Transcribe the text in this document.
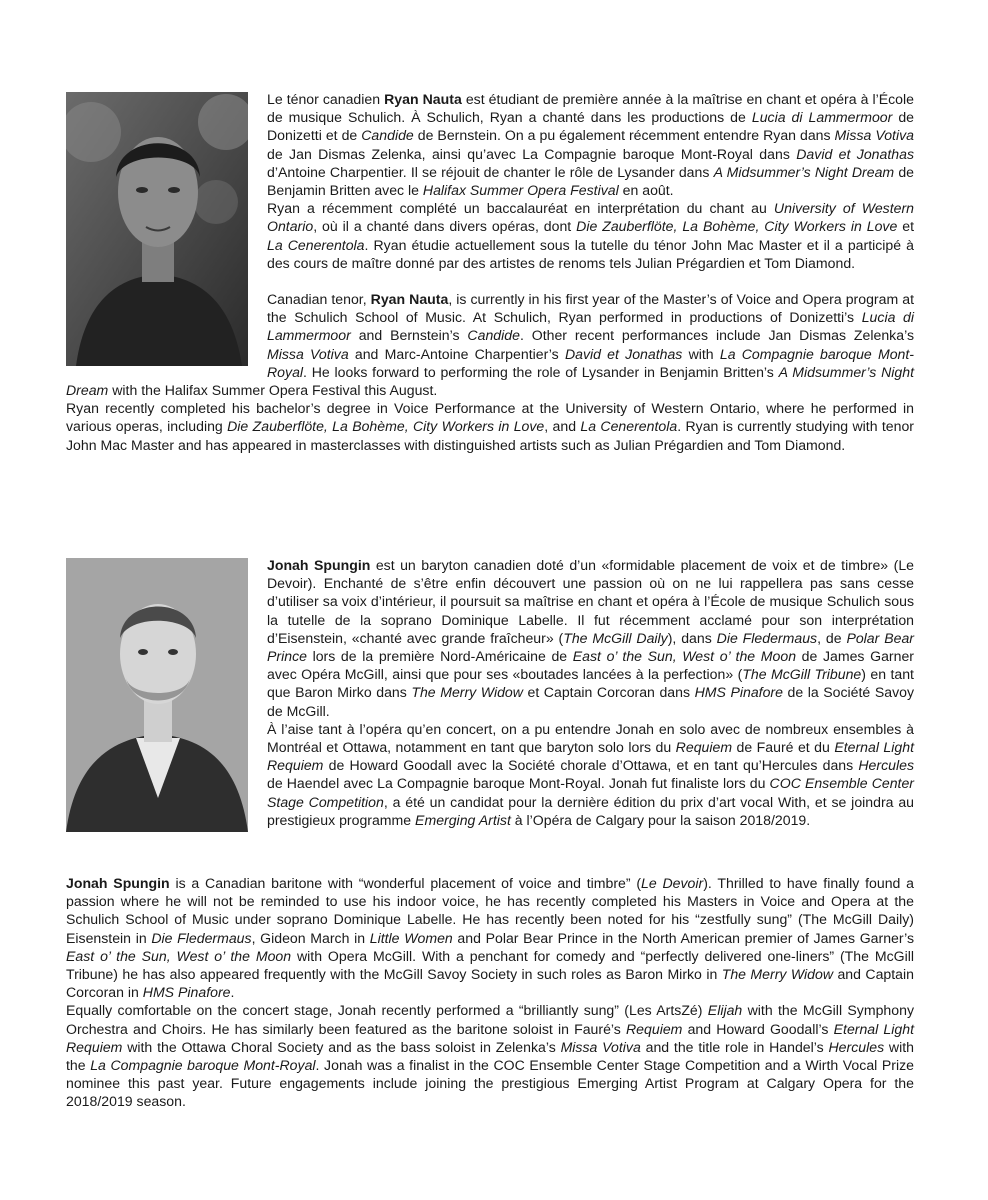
Le ténor canadien Ryan Nauta est étudiant de première année à la maîtrise en chant et opéra à l’École de musique Schulich. À Schulich, Ryan a chanté dans les productions de Lucia di Lammermoor de Donizetti et de Candide de Bernstein. On a pu également récemment entendre Ryan dans Missa Votiva de Jan Dismas Zelenka, ainsi qu’avec La Compagnie baroque Mont-Royal dans David et Jonathas d’Antoine Charpentier. Il se réjouit de chanter le rôle de Lysander dans A Midsummer’s Night Dream de Benjamin Britten avec le Halifax Summer Opera Festival en août.

Ryan a récemment complété un baccalauréat en interprétation du chant au University of Western Ontario, où il a chanté dans divers opéras, dont Die Zauberflöte, La Bohème, City Workers in Love et La Cenerentola. Ryan étudie actuellement sous la tutelle du ténor John Mac Master et il a participé à des cours de maître donné par des artistes de renoms tels Julian Prégardien et Tom Diamond.

Canadian tenor, Ryan Nauta, is currently in his first year of the Master’s of Voice and Opera program at the Schulich School of Music. At Schulich, Ryan performed in productions of Donizetti’s Lucia di Lammermoor and Bernstein’s Candide. Other recent performances include Jan Dismas Zelenka’s Missa Votiva and Marc-Antoine Charpentier’s David et Jonathas with La Compagnie baroque Mont-Royal. He looks forward to performing the role of Lysander in Benjamin Britten’s A Midsummer’s Night Dream with the Halifax Summer Opera Festival this August.

Ryan recently completed his bachelor’s degree in Voice Performance at the University of Western Ontario, where he performed in various operas, including Die Zauberflöte, La Bohème, City Workers in Love, and La Cenerentola. Ryan is currently studying with tenor John Mac Master and has appeared in masterclasses with distinguished artists such as Julian Prégardien and Tom Diamond.

Jonah Spungin est un baryton canadien doté d’un «formidable placement de voix et de timbre» (Le Devoir). Enchanté de s’être enfin découvert une passion où on ne lui rappellera pas sans cesse d’utiliser sa voix d’intérieur, il poursuit sa maîtrise en chant et opéra à l’École de musique Schulich sous la tutelle de la soprano Dominique Labelle. Il fut récemment acclamé pour son interprétation d’Eisenstein, «chanté avec grande fraîcheur» (The McGill Daily), dans Die Fledermaus, de Polar Bear Prince lors de la première Nord-Américaine de East o’ the Sun, West o’ the Moon de James Garner avec Opéra McGill, ainsi que pour ses «boutades lancées à la perfection» (The McGill Tribune) en tant que Baron Mirko dans The Merry Widow et Captain Corcoran dans HMS Pinafore de la Société Savoy de McGill.

À l’aise tant à l’opéra qu’en concert, on a pu entendre Jonah en solo avec de nombreux ensembles à Montréal et Ottawa, notamment en tant que baryton solo lors du Requiem de Fauré et du Eternal Light Requiem de Howard Goodall avec la Société chorale d’Ottawa, et en tant qu’Hercules dans Hercules de Haendel avec La Compagnie baroque Mont-Royal. Jonah fut finaliste lors du COC Ensemble Center Stage Competition, a été un candidat pour la dernière édition du prix d’art vocal With, et se joindra au prestigieux programme Emerging Artist à l’Opéra de Calgary pour la saison 2018/2019.

Jonah Spungin is a Canadian baritone with “wonderful placement of voice and timbre” (Le Devoir). Thrilled to have finally found a passion where he will not be reminded to use his indoor voice, he has recently completed his Masters in Voice and Opera at the Schulich School of Music under soprano Dominique Labelle. He has recently been noted for his “zestfully sung” (The McGill Daily) Eisenstein in Die Fledermaus, Gideon March in Little Women and Polar Bear Prince in the North American premier of James Garner’s East o’ the Sun, West o’ the Moon with Opera McGill. With a penchant for comedy and “perfectly delivered one-liners” (The McGill Tribune) he has also appeared frequently with the McGill Savoy Society in such roles as Baron Mirko in The Merry Widow and Captain Corcoran in HMS Pinafore.

Equally comfortable on the concert stage, Jonah recently performed a “brilliantly sung” (Les ArtsZé) Elijah with the McGill Symphony Orchestra and Choirs. He has similarly been featured as the baritone soloist in Fauré’s Requiem and Howard Goodall’s Eternal Light Requiem with the Ottawa Choral Society and as the bass soloist in Zelenka’s Missa Votiva and the title role in Handel’s Hercules with the La Compagnie baroque Mont-Royal. Jonah was a finalist in the COC Ensemble Center Stage Competition and a Wirth Vocal Prize nominee this past year. Future engagements include joining the prestigious Emerging Artist Program at Calgary Opera for the 2018/2019 season.
